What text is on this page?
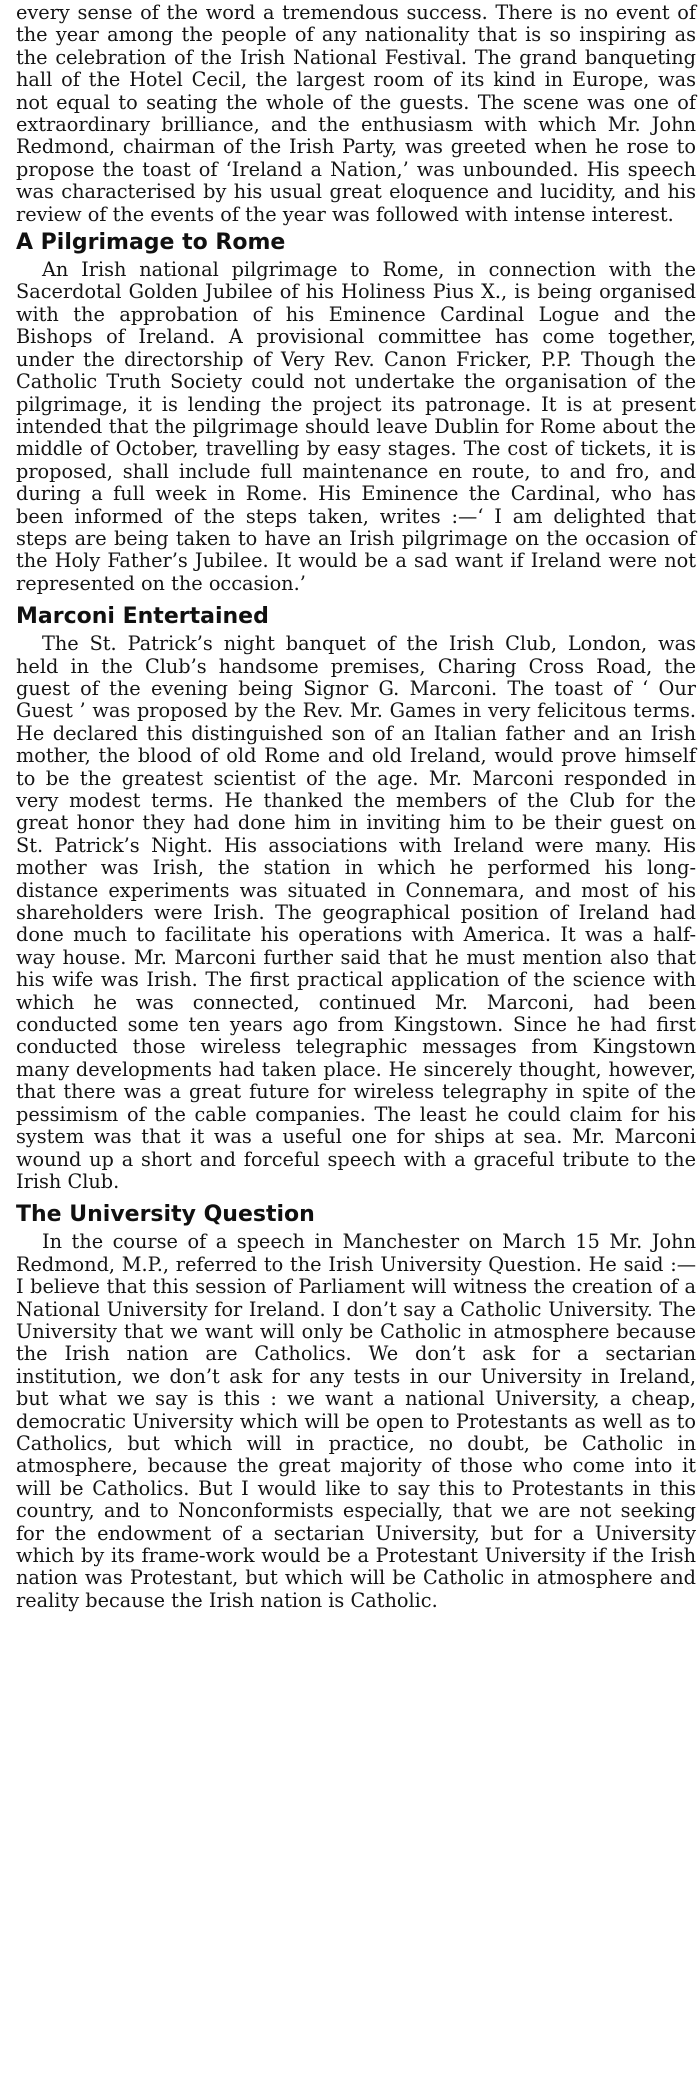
every sense of the word a tremendous success. There is no event of the year among the people of any nationality that is so inspiring as the celebration of the Irish National Festival. The grand banqueting hall of the Hotel Cecil, the largest room of its kind in Europe, was not equal to seating the whole of the guests. The scene was one of extraordinary brilliance, and the enthusiasm with which Mr. John Redmond, chairman of the Irish Party, was greeted when he rose to propose the toast of ‘Ireland a Nation,’ was unbounded. His speech was characterised by his usual great eloquence and lucidity, and his review of the events of the year was followed with intense interest.

A Pilgrimage to Rome

An Irish national pilgrimage to Rome, in connection with the Sacerdotal Golden Jubilee of his Holiness Pius X., is being organised with the approbation of his Eminence Cardinal Logue and the Bishops of Ireland. A provisional committee has come together, under the directorship of Very Rev. Canon Fricker, P.P. Though the Catholic Truth Society could not undertake the organisation of the pilgrimage, it is lending the project its patronage. It is at present intended that the pilgrimage should leave Dublin for Rome about the middle of October, travelling by easy stages. The cost of tickets, it is proposed, shall include full maintenance en route, to and fro, and during a full week in Rome. His Eminence the Cardinal, who has been informed of the steps taken, writes :—‘ I am delighted that steps are being taken to have an Irish pilgrimage on the occasion of the Holy Father’s Jubilee. It would be a sad want if Ireland were not represented on the occasion.’

Marconi Entertained

The St. Patrick’s night banquet of the Irish Club, London, was held in the Club’s handsome premises, Charing Cross Road, the guest of the evening being Signor G. Marconi. The toast of ‘ Our Guest ’ was proposed by the Rev. Mr. Games in very felicitous terms. He declared this distinguished son of an Italian father and an Irish mother, the blood of old Rome and old Ireland, would prove himself to be the greatest scientist of the age. Mr. Marconi responded in very modest terms. He thanked the members of the Club for the great honor they had done him in inviting him to be their guest on St. Patrick’s Night. His associations with Ireland were many. His mother was Irish, the station in which he performed his long-distance experiments was situated in Connemara, and most of his shareholders were Irish. The geographical position of Ireland had done much to facilitate his operations with America. It was a half-way house. Mr. Marconi further said that he must mention also that his wife was Irish. The first practical application of the science with which he was connected, continued Mr. Marconi, had been conducted some ten years ago from Kingstown. Since he had first conducted those wireless telegraphic messages from Kingstown many developments had taken place. He sincerely thought, however, that there was a great future for wireless telegraphy in spite of the pessimism of the cable companies. The least he could claim for his system was that it was a useful one for ships at sea. Mr. Marconi wound up a short and forceful speech with a graceful tribute to the Irish Club.

The University Question

In the course of a speech in Manchester on March 15 Mr. John Redmond, M.P., referred to the Irish University Question. He said :—I believe that this session of Parliament will witness the creation of a National University for Ireland. I don’t say a Catholic University. The University that we want will only be Catholic in atmosphere because the Irish nation are Catholics. We don’t ask for a sectarian institution, we don’t ask for any tests in our University in Ireland, but what we say is this : we want a national University, a cheap, democratic University which will be open to Protestants as well as to Catholics, but which will in practice, no doubt, be Catholic in atmosphere, because the great majority of those who come into it will be Catholics. But I would like to say this to Protestants in this country, and to Nonconformists especially, that we are not seeking for the endowment of a sectarian University, but for a University which by its frame-work would be a Protestant University if the Irish nation was Protestant, but which will be Catholic in atmosphere and reality because the Irish nation is Catholic.
